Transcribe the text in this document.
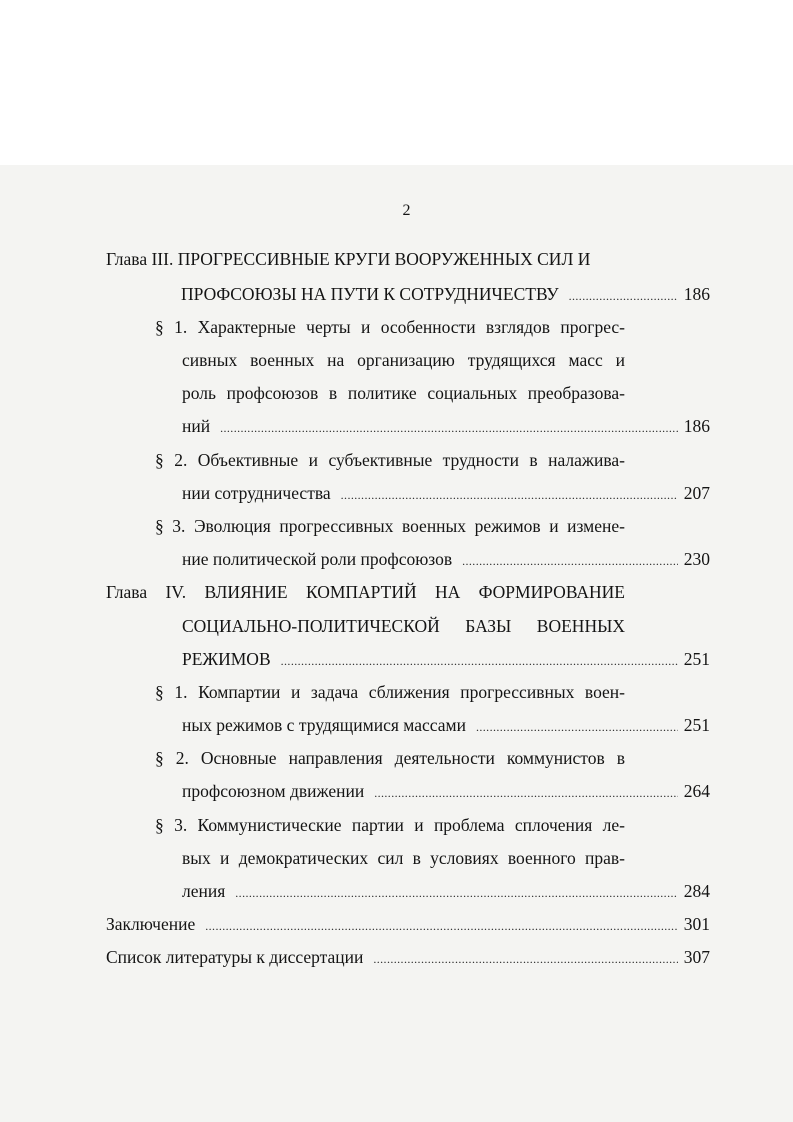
2
Глава III. ПРОГРЕССИВНЫЕ КРУГИ ВООРУЖЕННЫХ СИЛ И
ПРОФСОЮЗЫ НА ПУТИ К СОТРУДНИЧЕСТВУ .....	186
§ 1. Характерные черты и особенности взглядов прогрес-
сивных военных на организацию трудящихся масс и
роль профсоюзов в политике социальных преобразова-
ний .....	186
§ 2. Объективные и субъективные трудности в налажива-
нии сотрудничества .....	207
§ 3. Эволюция прогрессивных военных режимов и измене-
ние политической роли профсоюзов .....	230
Глава IV. ВЛИЯНИЕ КОМПАРТИЙ НА ФОРМИРОВАНИЕ
СОЦИАЛЬНО-ПОЛИТИЧЕСКОЙ БАЗЫ ВОЕННЫХ
РЕЖИМОВ .....	251
§ 1. Компартии и задача сближения прогрессивных воен-
ных режимов с трудящимися массами .....	251
§ 2. Основные направления деятельности коммунистов в
профсоюзном движении .....	264
§ 3. Коммунистические партии и проблема сплочения ле-
вых и демократических сил в условиях военного прав-
ления .....	284
Заключение .....	301
Список литературы к диссертации .....	307
